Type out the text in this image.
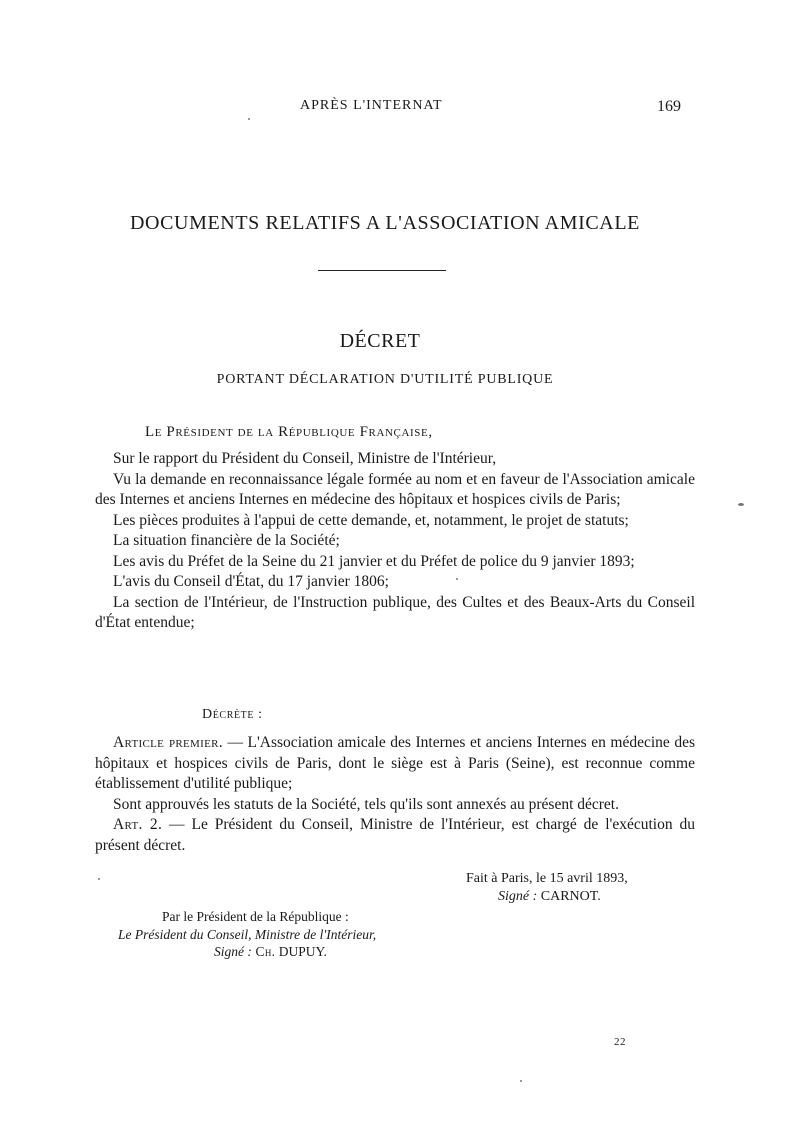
APRÈS L'INTERNAT	169
DOCUMENTS RELATIFS A L'ASSOCIATION AMICALE
DÉCRET
PORTANT DÉCLARATION D'UTILITÉ PUBLIQUE
Le Président de la République Française,

Sur le rapport du Président du Conseil, Ministre de l'Intérieur,

Vu la demande en reconnaissance légale formée au nom et en faveur de l'Association amicale des Internes et anciens Internes en médecine des hôpitaux et hospices civils de Paris;

Les pièces produites à l'appui de cette demande, et, notamment, le projet de statuts;

La situation financière de la Société;

Les avis du Préfet de la Seine du 21 janvier et du Préfet de police du 9 janvier 1893;

L'avis du Conseil d'État, du 17 janvier 1806;

La section de l'Intérieur, de l'Instruction publique, des Cultes et des Beaux-Arts du Conseil d'État entendue;

Décrète :

Article premier. — L'Association amicale des Internes et anciens Internes en médecine des hôpitaux et hospices civils de Paris, dont le siège est à Paris (Seine), est reconnue comme établissement d'utilité publique;

Sont approuvés les statuts de la Société, tels qu'ils sont annexés au présent décret.

Art. 2. — Le Président du Conseil, Ministre de l'Intérieur, est chargé de l'exécution du présent décret.

Fait à Paris, le 15 avril 1893,
Signé : CARNOT.
Par le Président de la République :
Le Président du Conseil, Ministre de l'Intérieur,
Signé : Ch. DUPUY.
22
